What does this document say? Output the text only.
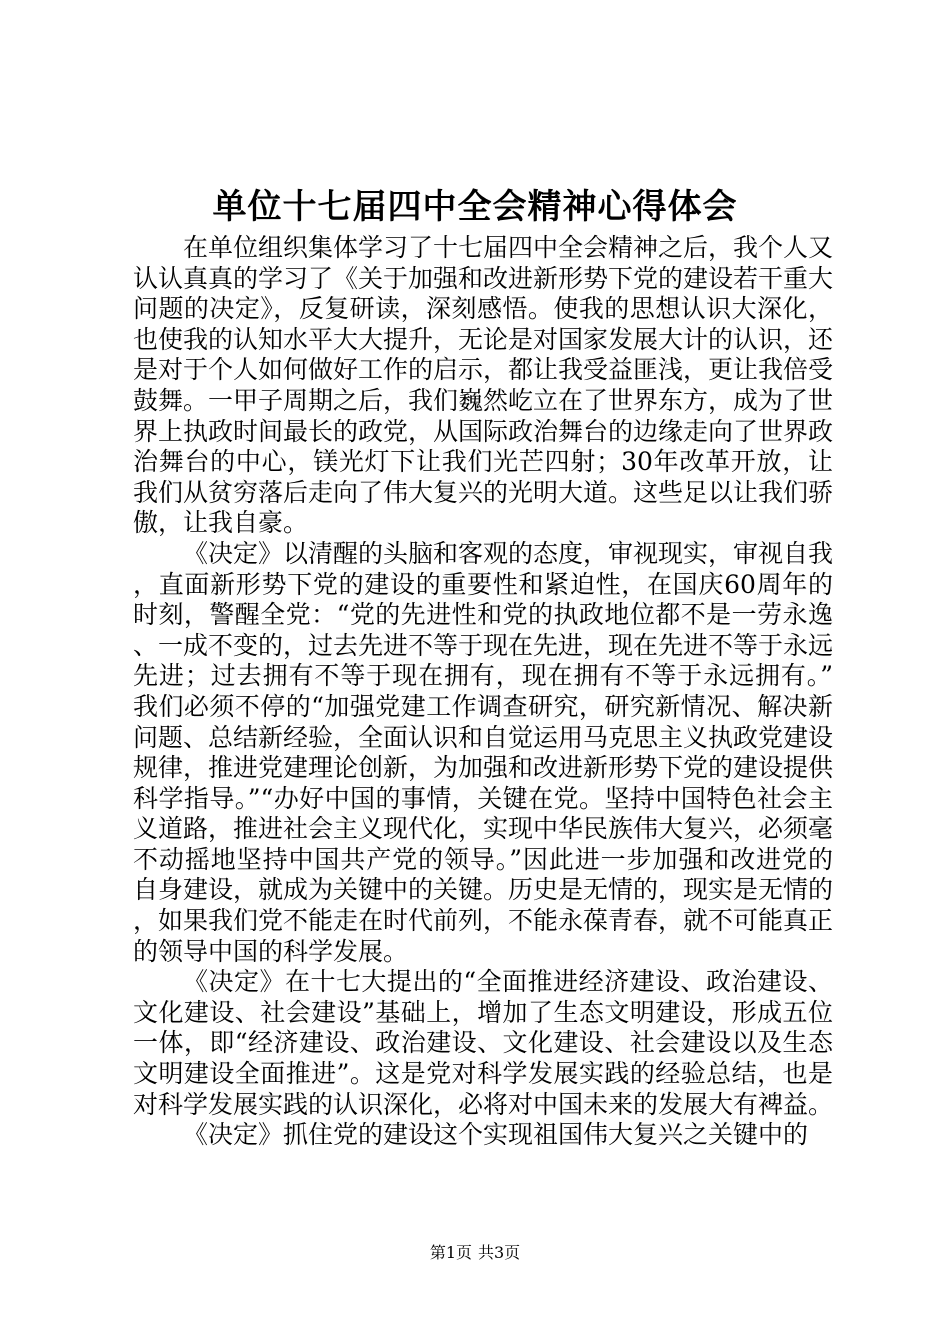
单位十七届四中全会精神心得体会

在单位组织集体学习了十七届四中全会精神之后，我个人又认认真真的学习了《关于加强和改进新形势下党的建设若干重大问题的决定》，反复研读，深刻感悟。使我的思想认识大深化，也使我的认知水平大大提升，无论是对国家发展大计的认识，还是对于个人如何做好工作的启示，都让我受益匪浅，更让我倍受鼓舞。一甲子周期之后，我们巍然屹立在了世界东方，成为了世界上执政时间最长的政党，从国际政治舞台的边缘走向了世界政治舞台的中心，镁光灯下让我们光芒四射；30年改革开放，让我们从贫穷落后走向了伟大复兴的光明大道。这些足以让我们骄傲，让我自豪。

《决定》以清醒的头脑和客观的态度，审视现实，审视自我，直面新形势下党的建设的重要性和紧迫性，在国庆60周年的时刻，警醒全党：“党的先进性和党的执政地位都不是一劳永逸、一成不变的，过去先进不等于现在先进，现在先进不等于永远先进；过去拥有不等于现在拥有，现在拥有不等于永远拥有。”我们必须不停的“加强党建工作调查研究，研究新情况、解决新问题、总结新经验，全面认识和自觉运用马克思主义执政党建设规律，推进党建理论创新，为加强和改进新形势下党的建设提供科学指导。”“办好中国的事情，关键在党。坚持中国特色社会主义道路，推进社会主义现代化，实现中华民族伟大复兴，必须毫不动摇地坚持中国共产党的领导。”因此进一步加强和改进党的自身建设，就成为关键中的关键。历史是无情的，现实是无情的，如果我们党不能走在时代前列，不能永葆青春，就不可能真正的领导中国的科学发展。

《决定》在十七大提出的“全面推进经济建设、政治建设、文化建设、社会建设”基础上，增加了生态文明建设，形成五位一体，即“经济建设、政治建设、文化建设、社会建设以及生态文明建设全面推进”。这是党对科学发展实践的经验总结，也是对科学发展实践的认识深化，必将对中国未来的发展大有裨益。

《决定》抓住党的建设这个实现祖国伟大复兴之关键中的

第1页 共3页
